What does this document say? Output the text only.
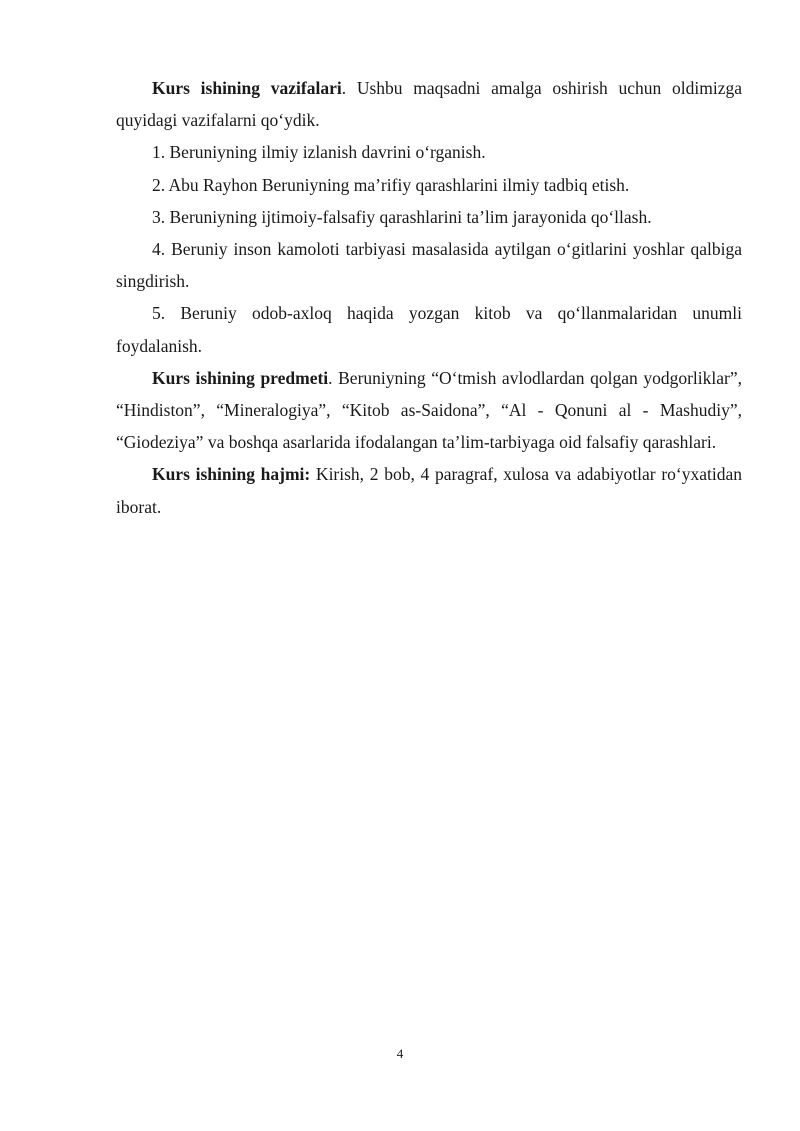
Kurs ishining vazifalari. Ushbu maqsadni amalga oshirish uchun oldimizga quyidagi vazifalarni qo‘ydik.

1. Beruniyning ilmiy izlanish davrini o‘rganish.

2. Abu Rayhon Beruniyning ma’rifiy qarashlarini ilmiy tadbiq etish.

3. Beruniyning ijtimoiy-falsafiy qarashlarini ta’lim jarayonida qo‘llash.

4. Beruniy inson kamoloti tarbiyasi masalasida aytilgan o‘gitlarini yoshlar qalbiga singdirish.

5. Beruniy odob-axloq haqida yozgan kitob va qo‘llanmalaridan unumli foydalanish.

Kurs ishining predmeti. Beruniyning “O‘tmish avlodlardan qolgan yodgorliklar”, “Hindiston”, “Mineralogiya”, “Kitob as-Saidona”, “Al - Qonuni al - Mashudiy”, “Giodeziya” va boshqa asarlarida ifodalangan ta’lim-tarbiyaga oid falsafiy qarashlari.

Kurs ishining hajmi: Kirish, 2 bob, 4 paragraf, xulosa va adabiyotlar ro‘yxatidan iborat.

4
